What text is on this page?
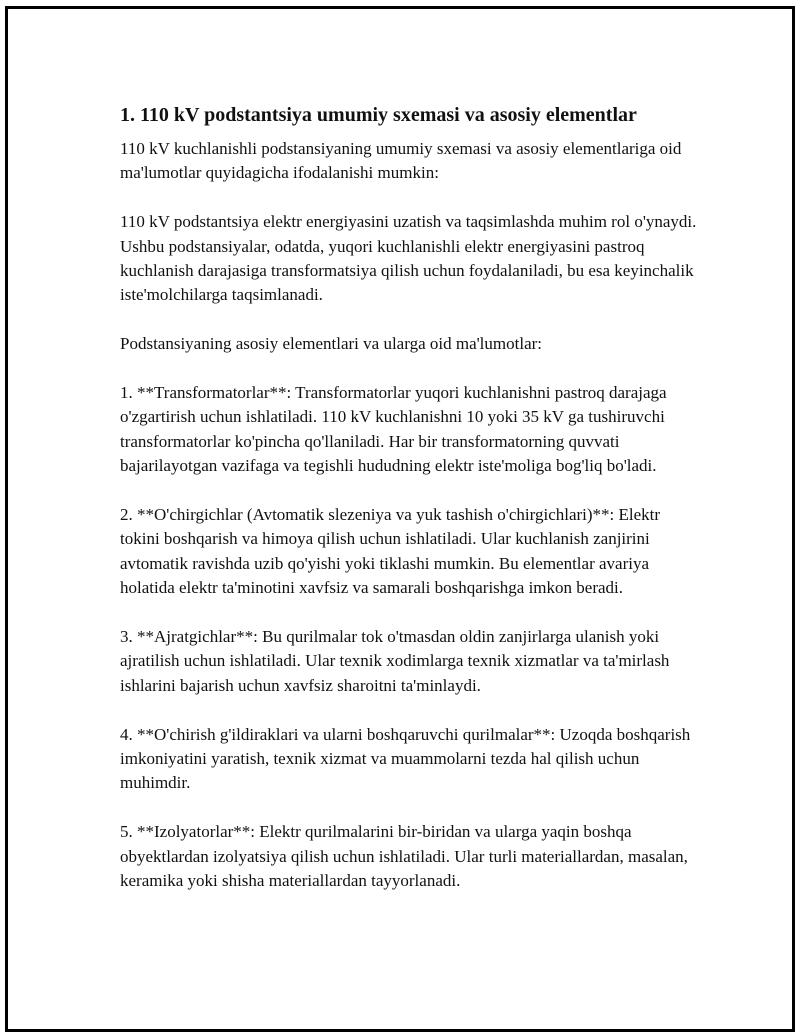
1. 110 kV podstantsiya umumiy sxemasi va asosiy elementlar

110 kV kuchlanishli podstansiyaning umumiy sxemasi va asosiy elementlariga oid ma'lumotlar quyidagicha ifodalanishi mumkin:

110 kV podstantsiya elektr energiyasini uzatish va taqsimlashda muhim rol o'ynaydi. Ushbu podstansiyalar, odatda, yuqori kuchlanishli elektr energiyasini pastroq kuchlanish darajasiga transformatsiya qilish uchun foydalaniladi, bu esa keyinchalik iste'molchilarga taqsimlanadi.

Podstansiyaning asosiy elementlari va ularga oid ma'lumotlar:

1. **Transformatorlar**: Transformatorlar yuqori kuchlanishni pastroq darajaga o'zgartirish uchun ishlatiladi. 110 kV kuchlanishni 10 yoki 35 kV ga tushiruvchi transformatorlar ko'pincha qo'llaniladi. Har bir transformatorning quvvati bajarilayotgan vazifaga va tegishli hududning elektr iste'moliga bog'liq bo'ladi.

2. **O'chirgichlar (Avtomatik slezeniya va yuk tashish o'chirgichlari)**: Elektr tokini boshqarish va himoya qilish uchun ishlatiladi. Ular kuchlanish zanjirini avtomatik ravishda uzib qo'yishi yoki tiklashi mumkin. Bu elementlar avariya holatida elektr ta'minotini xavfsiz va samarali boshqarishga imkon beradi.

3. **Ajratgichlar**: Bu qurilmalar tok o'tmasdan oldin zanjirlarga ulanish yoki ajratilish uchun ishlatiladi. Ular texnik xodimlarga texnik xizmatlar va ta'mirlash ishlarini bajarish uchun xavfsiz sharoitni ta'minlaydi.

4. **O'chirish g'ildiraklari va ularni boshqaruvchi qurilmalar**: Uzoqda boshqarish imkoniyatini yaratish, texnik xizmat va muammolarni tezda hal qilish uchun muhimdir.

5. **Izolyatorlar**: Elektr qurilmalarini bir-biridan va ularga yaqin boshqa obyektlardan izolyatsiya qilish uchun ishlatiladi. Ular turli materiallardan, masalan, keramika yoki shisha materiallardan tayyorlanadi.
